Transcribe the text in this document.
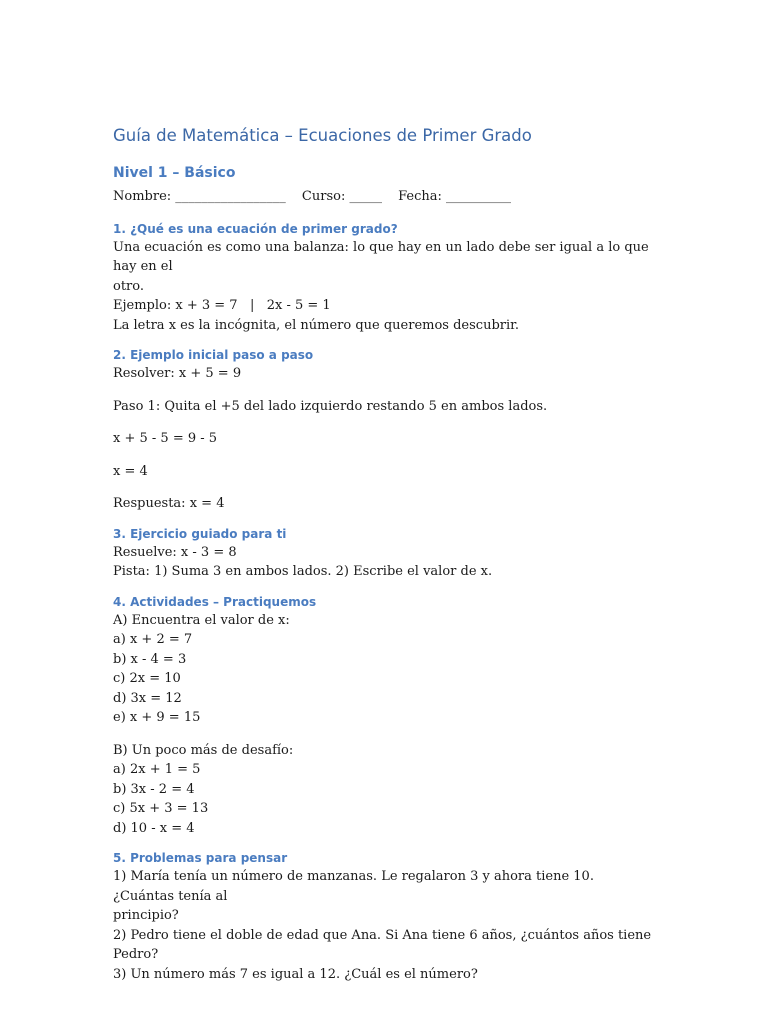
Guía de Matemática – Ecuaciones de Primer Grado
Nivel 1 – Básico

Nombre: _________________ Curso: _____ Fecha: __________

1. ¿Qué es una ecuación de primer grado?

Una ecuación es como una balanza: lo que hay en un lado debe ser igual a lo que hay en el

otro.

Ejemplo: x + 3 = 7   |   2x - 5 = 1

La letra x es la incógnita, el número que queremos descubrir.

2. Ejemplo inicial paso a paso

Resolver: x + 5 = 9

Paso 1: Quita el +5 del lado izquierdo restando 5 en ambos lados.

x + 5 - 5 = 9 - 5

x = 4

Respuesta: x = 4

3. Ejercicio guiado para ti

Resuelve: x - 3 = 8

Pista: 1) Suma 3 en ambos lados. 2) Escribe el valor de x.

4. Actividades – Practiquemos

A) Encuentra el valor de x:

a) x + 2 = 7

b) x - 4 = 3

c) 2x = 10

d) 3x = 12

e) x + 9 = 15

B) Un poco más de desafío:

a) 2x + 1 = 5

b) 3x - 2 = 4

c) 5x + 3 = 13

d) 10 - x = 4

5. Problemas para pensar

1) María tenía un número de manzanas. Le regalaron 3 y ahora tiene 10. ¿Cuántas tenía al

principio?

2) Pedro tiene el doble de edad que Ana. Si Ana tiene 6 años, ¿cuántos años tiene Pedro?

3) Un número más 7 es igual a 12. ¿Cuál es el número?
